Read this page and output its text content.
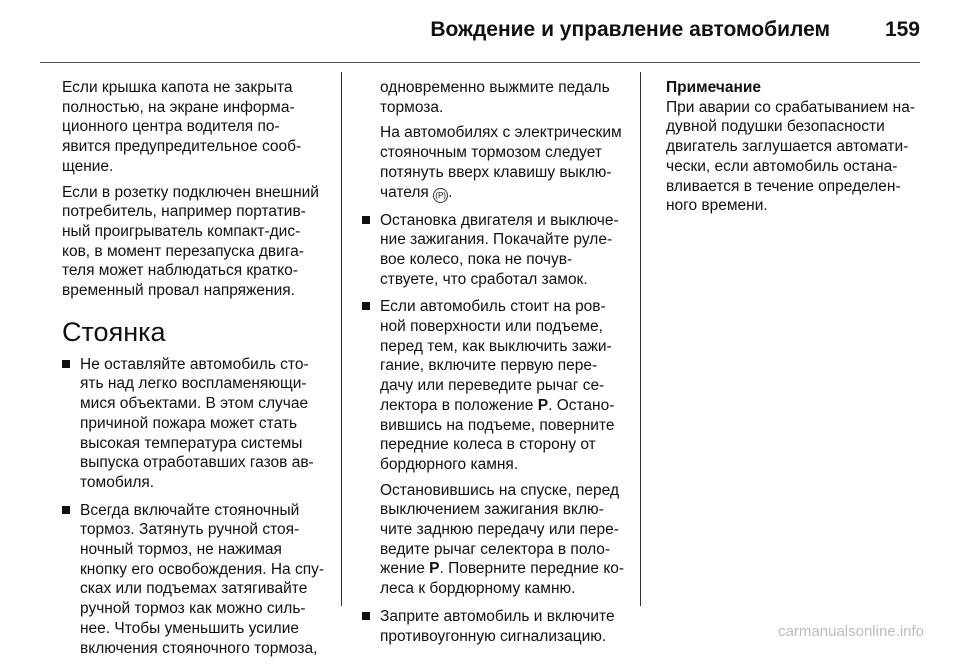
Вождение и управление автомобилем	159

Если крышка капота не закрыта
полностью, на экране информа-
ционного центра водителя по-
явится предупредительное сооб-
щение.

Если в розетку подключен внешний
потребитель, например портатив-
ный проигрыватель компакт-дис-
ков, в момент перезапуска двига-
теля может наблюдаться кратко-
временный провал напряжения.

Стоянка
Не оставляйте автомобиль сто-
ять над легко воспламеняющи-
мися объектами. В этом случае
причиной пожара может стать
высокая температура системы
выпуска отработавших газов ав-
томобиля.
Всегда включайте стояночный
тормоз. Затянуть ручной стоя-
ночный тормоз, не нажимая
кнопку его освобождения. На спу-
сках или подъемах затягивайте
ручной тормоз как можно силь-
нее. Чтобы уменьшить усилие
включения стояночного тормоза,
одновременно выжмите педаль
тормоза.
На автомобилях с электрическим
стояночным тормозом следует
потянуть вверх клавишу выклю-
чателя (P) .
Остановка двигателя и выключе-
ние зажигания. Покачайте руле-
вое колесо, пока не почув-
ствуете, что сработал замок.
Если автомобиль стоит на ров-
ной поверхности или подъеме,
перед тем, как выключить зажи-
гание, включите первую пере-
дачу или переведите рычаг се-
лектора в положение P. Остано-
вившись на подъеме, поверните
передние колеса в сторону от
бордюрного камня.
Остановившись на спуске, перед
выключением зажигания вклю-
чите заднюю передачу или пере-
ведите рычаг селектора в поло-
жение P. Поверните передние ко-
леса к бордюрному камню.
Заприте автомобиль и включите
противоугонную сигнализацию.
Примечание

При аварии со срабатыванием на-
дувной подушки безопасности
двигатель заглушается автомати-
чески, если автомобиль остана-
вливается в течение определен-
ного времени.

carmanualsonline.info
